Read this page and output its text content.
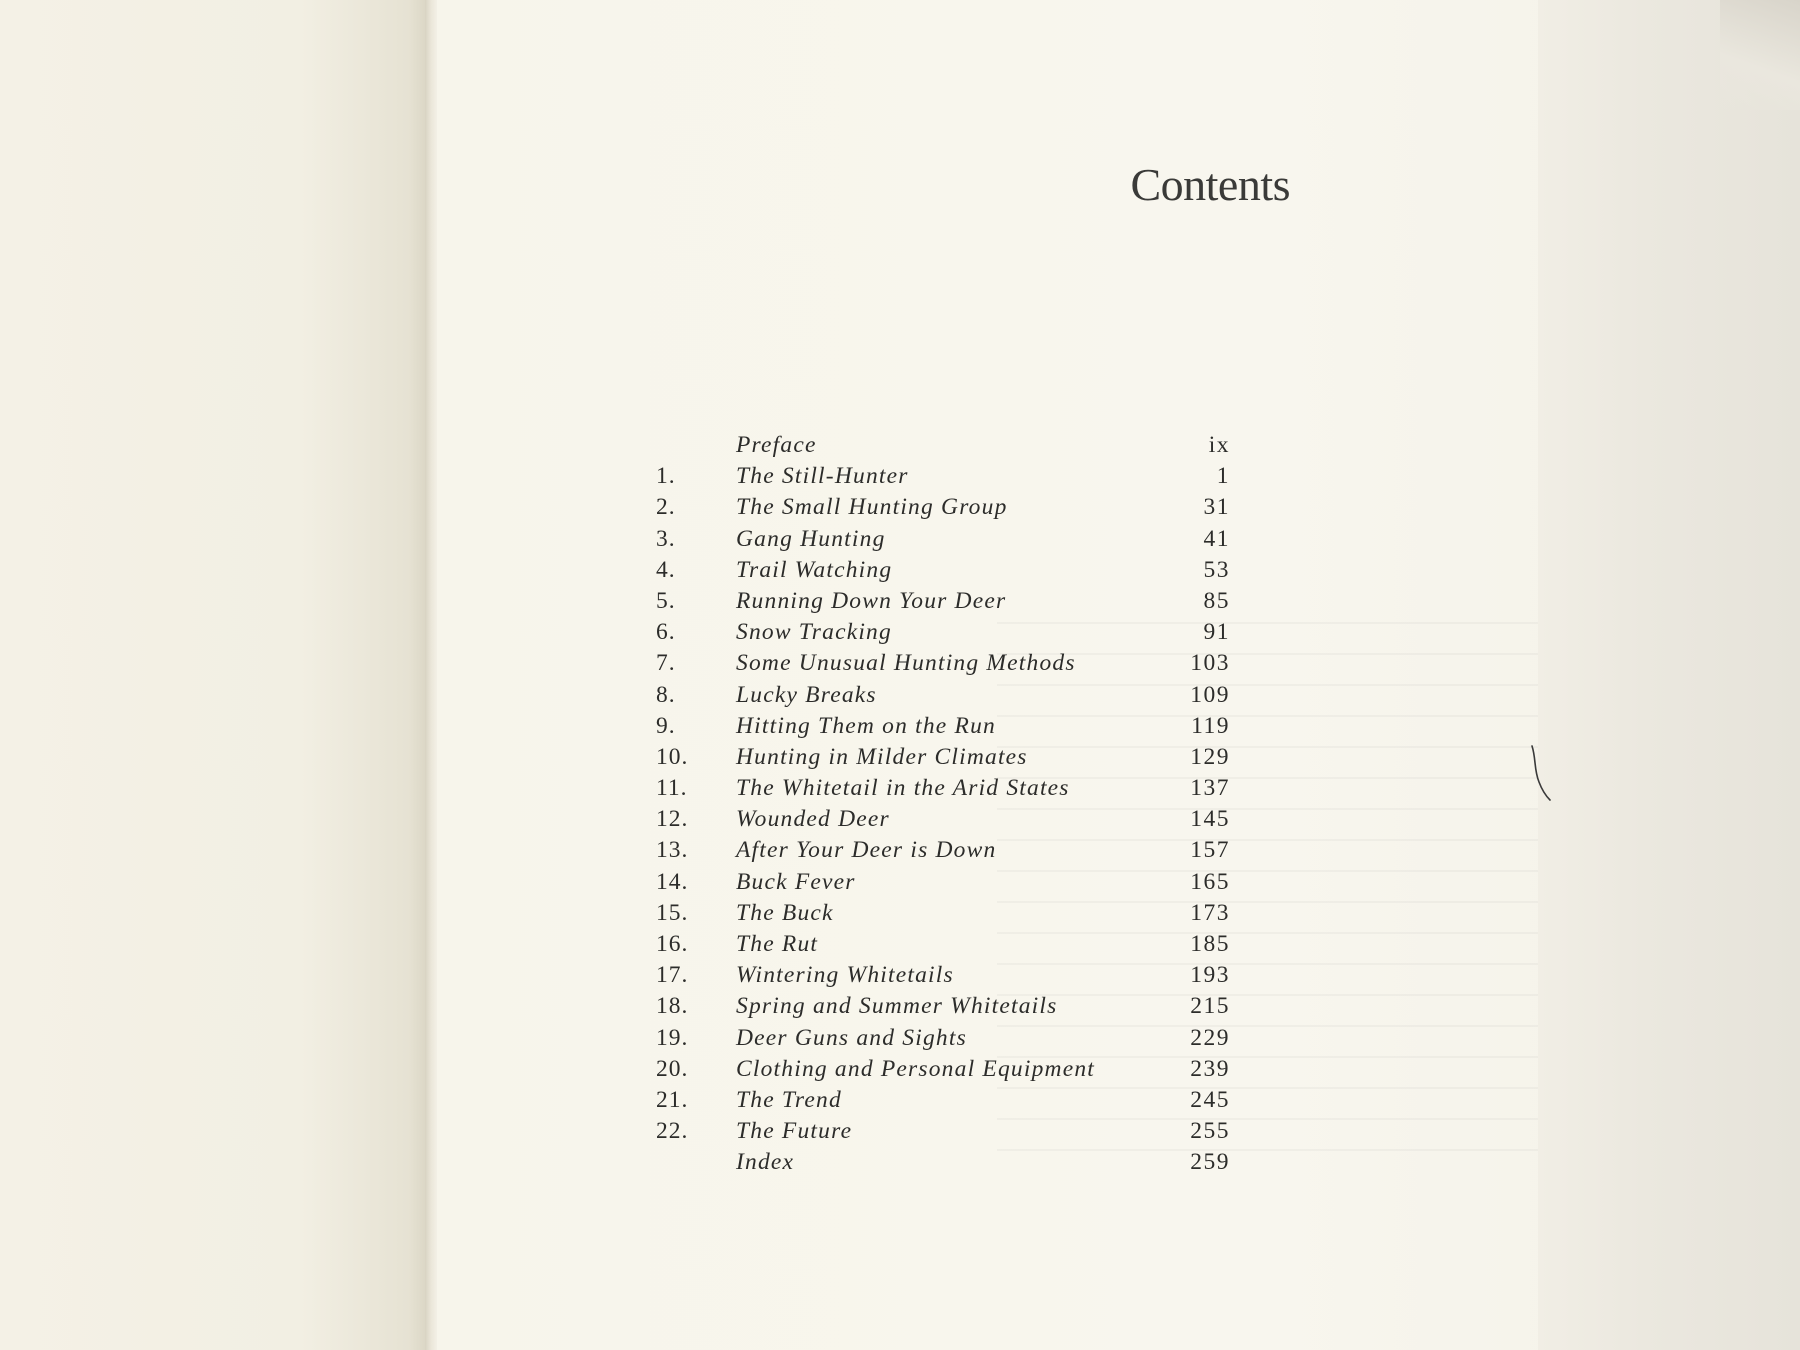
Contents
Preface	ix
1.	The Still-Hunter	1
2.	The Small Hunting Group	31
3.	Gang Hunting	41
4.	Trail Watching	53
5.	Running Down Your Deer	85
6.	Snow Tracking	91
7.	Some Unusual Hunting Methods	103
8.	Lucky Breaks	109
9.	Hitting Them on the Run	119
10.	Hunting in Milder Climates	129
11.	The Whitetail in the Arid States	137
12.	Wounded Deer	145
13.	After Your Deer is Down	157
14.	Buck Fever	165
15.	The Buck	173
16.	The Rut	185
17.	Wintering Whitetails	193
18.	Spring and Summer Whitetails	215
19.	Deer Guns and Sights	229
20.	Clothing and Personal Equipment	239
21.	The Trend	245
22.	The Future	255
Index	259
